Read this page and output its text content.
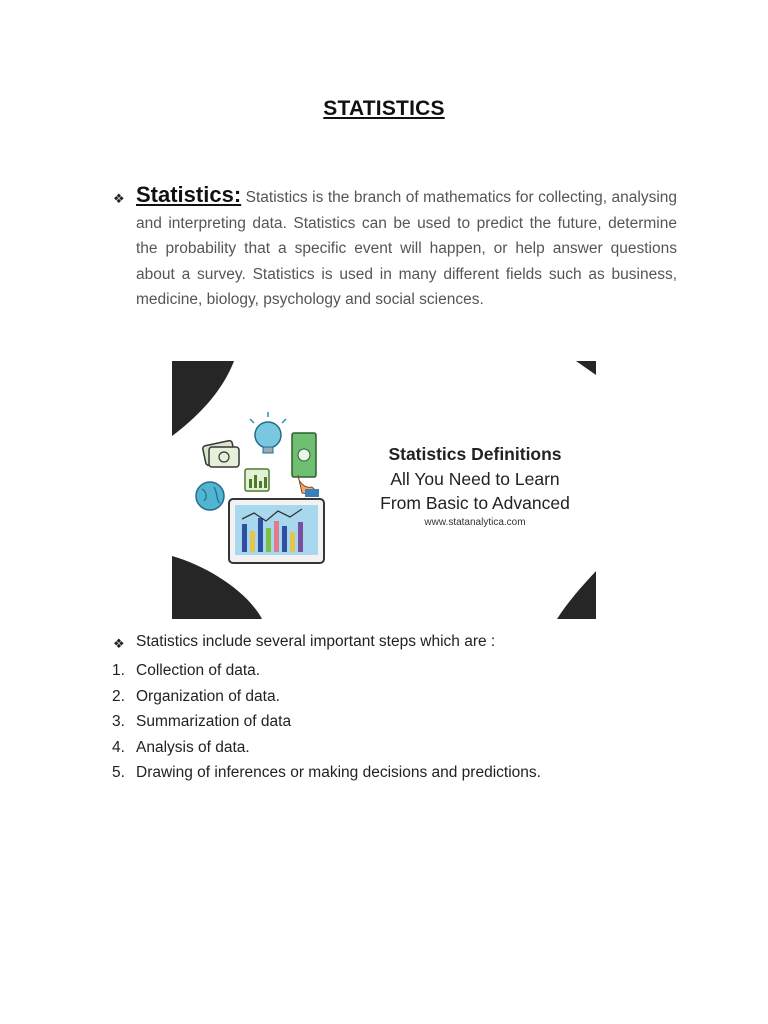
STATISTICS
❖ Statistics: Statistics is the branch of mathematics for collecting, analysing and interpreting data. Statistics can be used to predict the future, determine the probability that a specific event will happen, or help answer questions about a survey. Statistics is used in many different fields such as business, medicine, biology, psychology and social sciences.
Statistics Definitions
All You Need to Learn
From Basic to Advanced
www.statanalytica.com
❖ Statistics include several important steps which are :
1. Collection of data.
2. Organization of data.
3. Summarization of data
4. Analysis of data.
5. Drawing of inferences or making decisions and predictions.
